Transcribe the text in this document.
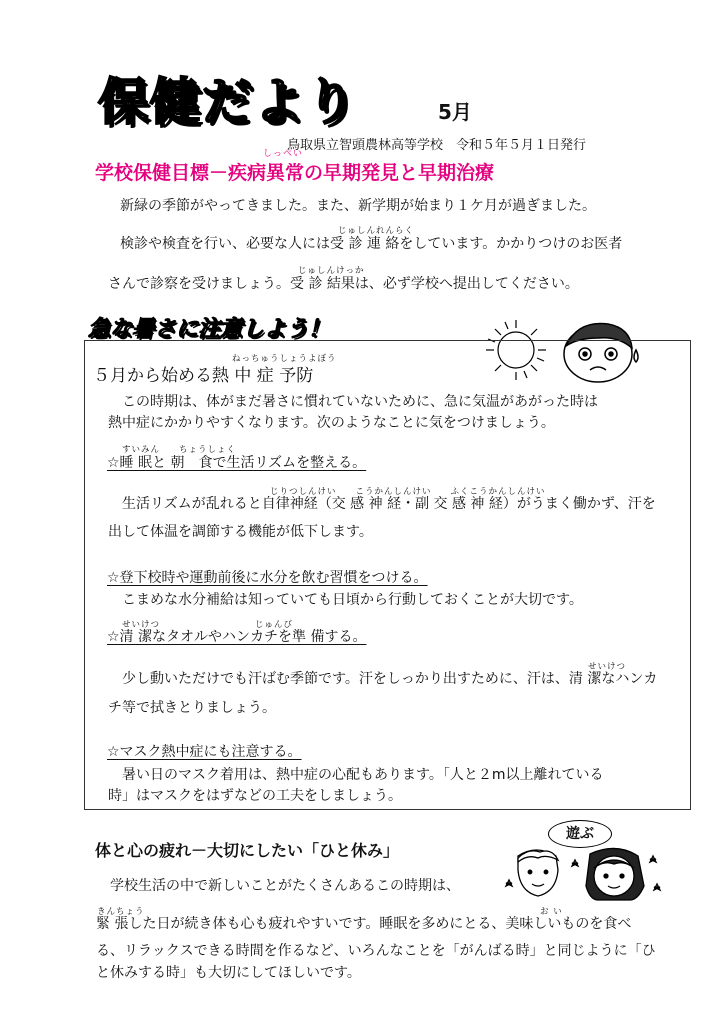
保健だより	5月
鳥取県立智頭農林高等学校　令和５年５月１日発行
しっぺい
学校保健目標－疾病異常の早期発見と早期治療
新緑の季節がやってきました。また、新学期が始まり１ケ月が過ぎました。
じゅしんれんらく
検診や検査を行い、必要な人には受 診 連 絡をしています。かかりつけのお医者
じゅしんけっか
さんで診察を受けましょう。受 診 結果は、必ず学校へ提出してください。
急な暑さに注意しよう！
ねっちゅうしょうよぼう
５月から始める熱 中 症 予防
この時期は、体がまだ暑さに慣れていないために、急に気温があがった時は
熱中症にかかりやすくなります。次のようなことに気をつけましょう。
すいみん　　ちょうしょく
☆睡 眠と 朝　食で生活リズムを整える。
じりつしんけい　　こうかんしんけい　　ふくこうかんしんけい
生活リズムが乱れると自律神経（交 感 神 経・副 交 感 神 経）がうまく働かず、汗を
出して体温を調節する機能が低下します。
☆登下校時や運動前後に水分を飲む習慣をつける。
こまめな水分補給は知っていても日頃から行動しておくことが大切です。
せいけつ　　　　　　　　　　じゅんび
☆清 潔なタオルやハンカチを準 備する。
せいけつ
少し動いただけでも汗ばむ季節です。汗をしっかり出すために、汗は、清 潔なハンカ
チ等で拭きとりましょう。
☆マスク熱中症にも注意する。
暑い日のマスク着用は、熱中症の心配もあります。「人と２m以上離れている
時」はマスクをはずなどの工夫をしましょう。
体と心の疲れ－大切にしたい「ひと休み」
遊ぶ
学校生活の中で新しいことがたくさんあるこの時期は、
きんちょう	お い
緊 張した日が続き体も心も疲れやすいです。睡眠を多めにとる、美味しいものを食べ
る、リラックスできる時間を作るなど、いろんなことを「がんばる時」と同じように「ひ
と休みする時」も大切にしてほしいです。
